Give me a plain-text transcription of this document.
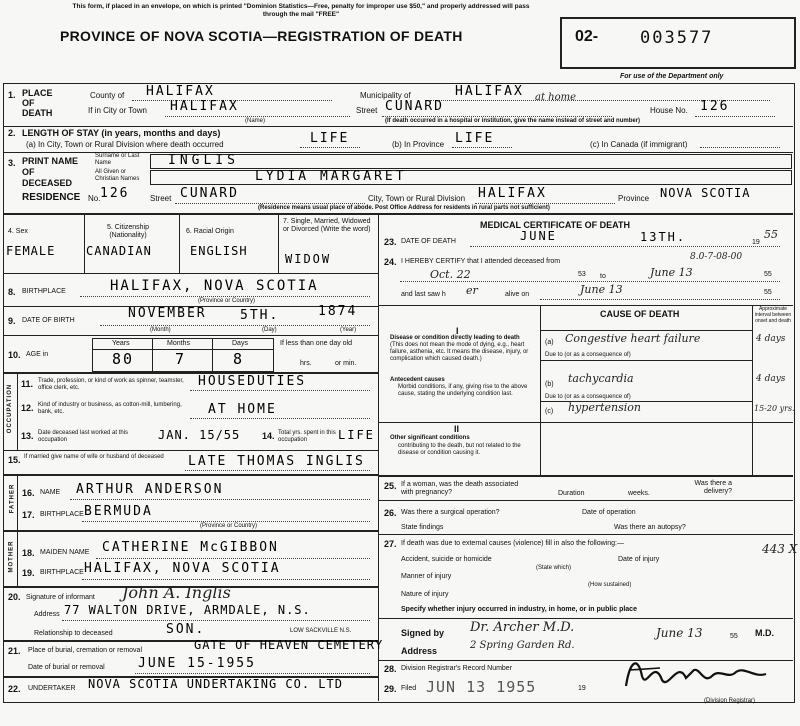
This form, if placed in an envelope, on which is printed "Dominion Statistics—Free, penalty for improper use $50," and properly addressed will pass through the mail "FREE"
PROVINCE OF NOVA SCOTIA—REGISTRATION OF DEATH	02- 003577
For use of the Department only
1. PLACE OF DEATH
County of HALIFAX	Municipality of	HALIFAX
If in City or Town HALIFAX
(Name)
Street CUNARD
at home
House No. 126
(If death occurred in a hospital or institution, give the name instead of street and number)
2. LENGTH OF STAY (in years, months and days)
(a) In City, Town or Rural Division where death occurred	LIFE	(b) In Province LIFE	(c) In Canada (if immigrant)
3. PRINT NAME OF DECEASED
Surname or Last Name	INGLIS
All Given or Christian Names	LYDIA MARGARET
RESIDENCE No. 126	Street CUNARD	City, Town or Rural Division HALIFAX	Province NOVA SCOTIA
(Residence means usual place of abode. Post Office Address for residents in rural parts not sufficient)
4. Sex
FEMALE
5. Citizenship (Nationality)
CANADIAN
6. Racial Origin
ENGLISH
7. Single, Married, Widowed or Divorced (Write the word)
WIDOW
8. BIRTHPLACE	HALIFAX, NOVA SCOTIA
(Province or Country)
9. DATE OF BIRTH	NOVEMBER	5TH.	1874
(Month)	(Day)	(Year)
10. AGE in
Years	Months	Days
80	7	8
If less than one day old
hrs.	or min.
OCCUPATION 11. Trade, profession, or kind of work as spinner, teamster, office clerk, etc.	HOUSEDUTIES
12. Kind of industry or business, as cotton-mill, lumbering, bank, etc.	AT HOME
13. Date deceased last worked at this occupation	JAN. 15/55 14. Total yrs. spent in this occupation	LIFE
15. If married give name of wife or husband of deceased	LATE THOMAS INGLIS
FATHER 16. NAME ARTHUR ANDERSON
17. BIRTHPLACE BERMUDA
(Province or Country)
MOTHER 18. MAIDEN NAME CATHERINE McGIBBON
19. BIRTHPLACE HALIFAX, NOVA SCOTIA
20. Signature of informant John A. Inglis
Address 77 WALTON DRIVE, ARMDALE, N.S.
Relationship to deceased	SON.	LOW SACKVILLE N.S.
21. Place of burial, cremation or removal	GATE OF HEAVEN CEMETERY
Date of burial or removal	JUNE 15-1955
22. UNDERTAKER NOVA SCOTIA UNDERTAKING CO. LTD
MEDICAL CERTIFICATE OF DEATH
23. DATE OF DEATH	JUNE	13TH.	19
55
24. I HEREBY CERTIFY that I attended deceased from	8.0-7-08-00
Oct. 22	53 to	June 13	55
and last saw h er	alive on	June 13	55
CAUSE OF DEATH	Approximate interval between onset and death
I
Disease or condition directly leading to death
(This does not mean the mode of dying, e.g., heart failure, asthenia, etc. It means the disease, injury, or complication which caused death.)
(a) Congestive heart failure	4 days
Due to (or as a consequence of)
Antecedent causes
Morbid conditions, if any, giving rise to the above cause, stating the underlying condition last.
(b) tachycardia	4 days
Due to (or as a consequence of)
(c) hypertension	15-20 yrs.
II
Other significant conditions
contributing to the death, but not related to the disease or condition causing it.
25. If a woman, was the death associated with pregnancy?	Duration	weeks.
Was there a delivery?
26. Was there a surgical operation?	Date of operation
State findings	Was there an autopsy?
27. If death was due to external causes (violence) fill in also the following:—
Accident, suicide or homicide
(State which)
Date of injury
Manner of injury
(How sustained)
Nature of injury
Specify whether injury occurred in industry, in home, or in public place
Signed by Dr. Archer M.D.	June 13	55 M.D.
Address	2 Spring Garden Rd.
28. Division Registrar's Record Number
29. Filed JUN 13 1955	19
(Division Registrar)
443 X
